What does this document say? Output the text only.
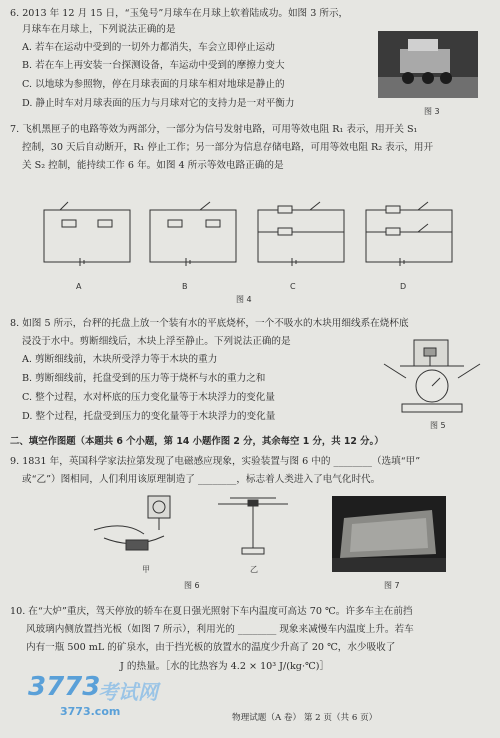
6. 2013 年 12 月 15 日，“玉兔号”月球车在月球上软着陆成功。如图 3 所示，
月球车在月球上，下列说法正确的是
A. 若车在运动中受到的一切外力都消失，车会立即停止运动
B. 若在车上再安装一台探测设备，车运动中受到的摩擦力变大
C. 以地球为参照物，停在月球表面的月球车相对地球是静止的
D. 静止时车对月球表面的压力与月球对它的支持力是一对平衡力
图 3
7. 飞机黑匣子的电路等效为两部分，一部分为信号发射电路，可用等效电阻 R₁ 表示，用开关 S₁
控制，30 天后自动断开，R₁ 停止工作；另一部分为信息存储电路，可用等效电阻 R₂ 表示，用开
关 S₂ 控制，能持续工作 6 年。如图 4 所示等效电路正确的是
A	B	C	D
图 4
8. 如图 5 所示，台秤的托盘上放一个装有水的平底烧杯，一个不吸水的木块用细线系在烧杯底
浸没于水中。剪断细线后，木块上浮至静止。下列说法正确的是
A. 剪断细线前，木块所受浮力等于木块的重力
B. 剪断细线前，托盘受到的压力等于烧杯与水的重力之和
C. 整个过程，水对杯底的压力变化量等于木块浮力的变化量
D. 整个过程，托盘受到压力的变化量等于木块浮力的变化量
图 5
二、填空作图题（本题共 6 个小题，第 14 小题作图 2 分，其余每空 1 分，共 12 分。）
9. 1831 年，英国科学家法拉第发现了电磁感应现象，实验装置与图 6 中的 ________（选填“甲”
或“乙”）图相同，人们利用该原理制造了 ________，标志着人类进入了电气化时代。
甲	乙
图 6	图 7
10. 在“大炉”重庆，驾天停放的轿车在夏日强光照射下车内温度可高达 70 ℃。许多车主在前挡
风玻璃内侧放置挡光板（如图 7 所示），利用光的 ________ 现象来减慢车内温度上升。若车
内有一瓶 500 mL 的矿泉水，由于挡光板的放置水的温度少升高了 20 ℃，水少吸收了
J 的热量。［水的比热容为 4.2 × 10³ J/(kg·℃)］
3773
考试网
3773.com	物理试题（A 卷） 第 2 页（共 6 页）
